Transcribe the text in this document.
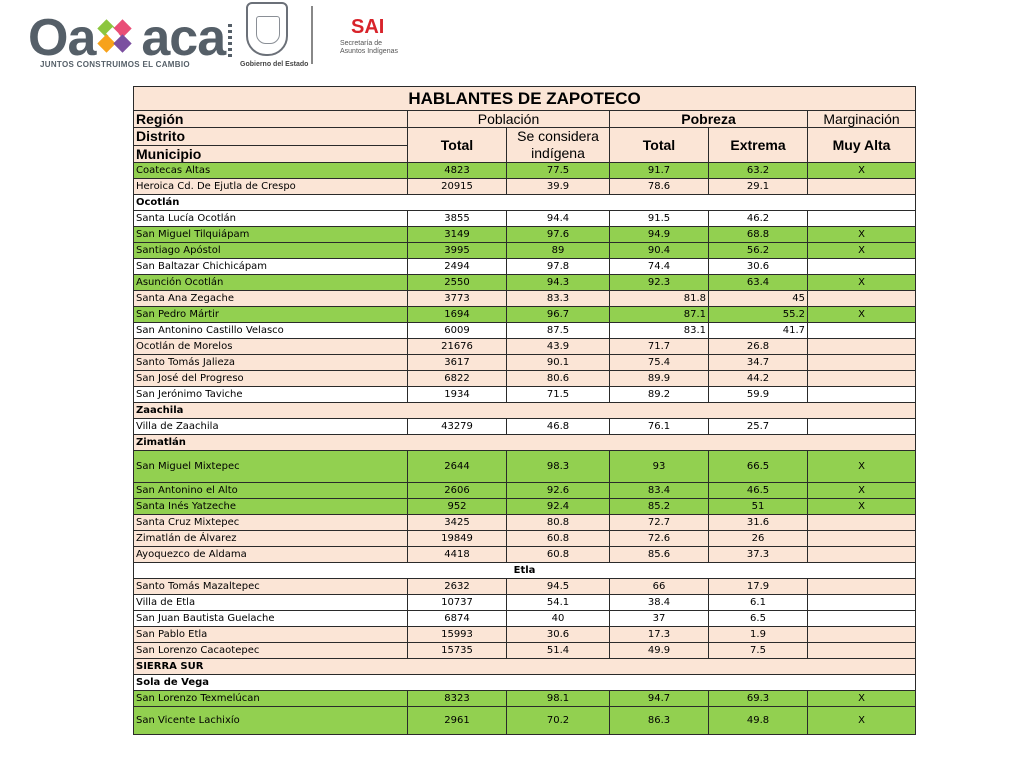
Oa aca
JUNTOS CONSTRUIMOS EL CAMBIO	Gobierno del Estado
SAI
Secretaría de
Asuntos Indígenas
HABLANTES DE ZAPOTECO					
Región	Población		Pobreza		Marginación
Distrito	Total	Se considera indígena	Total	Extrema	Muy Alta
Municipio					
Coatecas Altas	4823	77.5	91.7	63.2	X
Heroica Cd. De Ejutla de Crespo	20915	39.9	78.6	29.1	
Ocotlán					
Santa Lucía Ocotlán	3855	94.4	91.5	46.2	
San Miguel Tilquiápam	3149	97.6	94.9	68.8	X
Santiago Apóstol	3995	89	90.4	56.2	X
San Baltazar Chichicápam	2494	97.8	74.4	30.6	
Asunción Ocotlán	2550	94.3	92.3	63.4	X
Santa Ana Zegache	3773	83.3	81.8	45	
San Pedro Mártir	1694	96.7	87.1	55.2	X
San Antonino Castillo Velasco	6009	87.5	83.1	41.7	
Ocotlán de Morelos	21676	43.9	71.7	26.8	
Santo Tomás Jalieza	3617	90.1	75.4	34.7	
San José del Progreso	6822	80.6	89.9	44.2	
San Jerónimo Taviche	1934	71.5	89.2	59.9	
Zaachila					
Villa de Zaachila	43279	46.8	76.1	25.7	
Zimatlán					
San Miguel Mixtepec	2644	98.3	93	66.5	X
San Antonino el Alto	2606	92.6	83.4	46.5	X
Santa Inés Yatzeche	952	92.4	85.2	51	X
Santa Cruz Mixtepec	3425	80.8	72.7	31.6	
Zimatlán de Álvarez	19849	60.8	72.6	26	
Ayoquezco de Aldama	4418	60.8	85.6	37.3	
Etla					
Santo Tomás Mazaltepec	2632	94.5	66	17.9	
Villa de Etla	10737	54.1	38.4	6.1	
San Juan Bautista Guelache	6874	40	37	6.5	
San Pablo Etla	15993	30.6	17.3	1.9	
San Lorenzo Cacaotepec	15735	51.4	49.9	7.5	
SIERRA SUR					
Sola de Vega					
San Lorenzo Texmelúcan	8323	98.1	94.7	69.3	X
San Vicente Lachixío	2961	70.2	86.3	49.8	X
